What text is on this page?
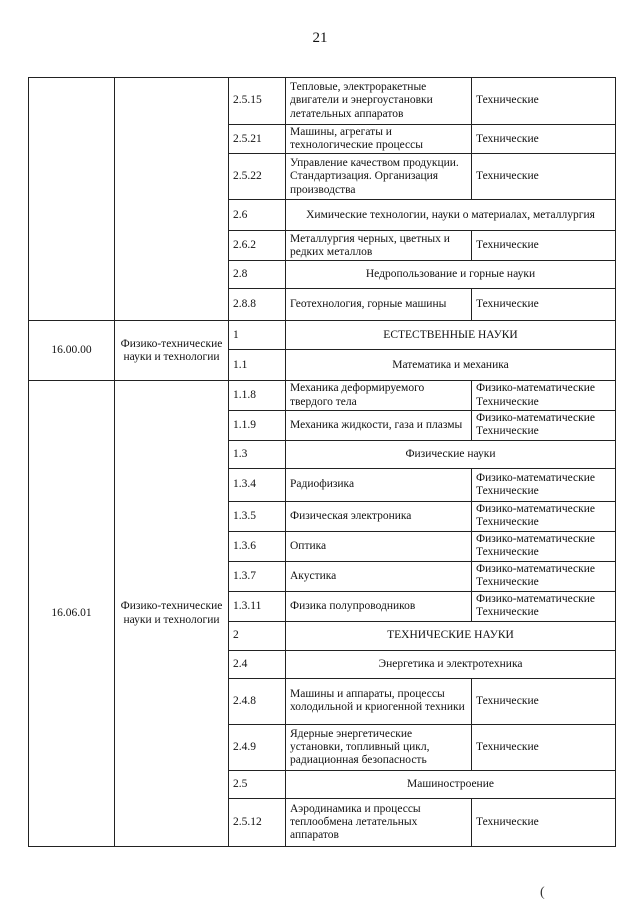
21
		2.5.15	Тепловые, электроракетные двигатели и энергоустановки летательных аппаратов	Технические
		2.5.21	Машины, агрегаты и технологические процессы	Технические
		2.5.22	Управление качеством продукции. Стандартизация. Организация производства	Технические
		2.6	Химические технологии, науки о материалах, металлургия	
		2.6.2	Металлургия черных, цветных и редких металлов	Технические
		2.8	Недропользование и горные науки	
		2.8.8	Геотехнология, горные машины	Технические
16.00.00	Физико-технические науки и технологии	1	ЕСТЕСТВЕННЫЕ НАУКИ	
		1.1	Математика и механика	
16.06.01	Физико-технические науки и технологии	1.1.8	Механика деформируемого твердого тела	Физико-математические Технические
		1.1.9	Механика жидкости, газа и плазмы	Физико-математические Технические
		1.3	Физические науки	
		1.3.4	Радиофизика	Физико-математические Технические
		1.3.5	Физическая электроника	Физико-математические Технические
		1.3.6	Оптика	Физико-математические Технические
		1.3.7	Акустика	Физико-математические Технические
		1.3.11	Физика полупроводников	Физико-математические Технические
		2	ТЕХНИЧЕСКИЕ НАУКИ	
		2.4	Энергетика и электротехника	
		2.4.8	Машины и аппараты, процессы холодильной и криогенной техники	Технические
		2.4.9	Ядерные энергетические установки, топливный цикл, радиационная безопасность	Технические
		2.5	Машиностроение	
		2.5.12	Аэродинамика и процессы теплообмена летательных аппаратов	Технические
(
